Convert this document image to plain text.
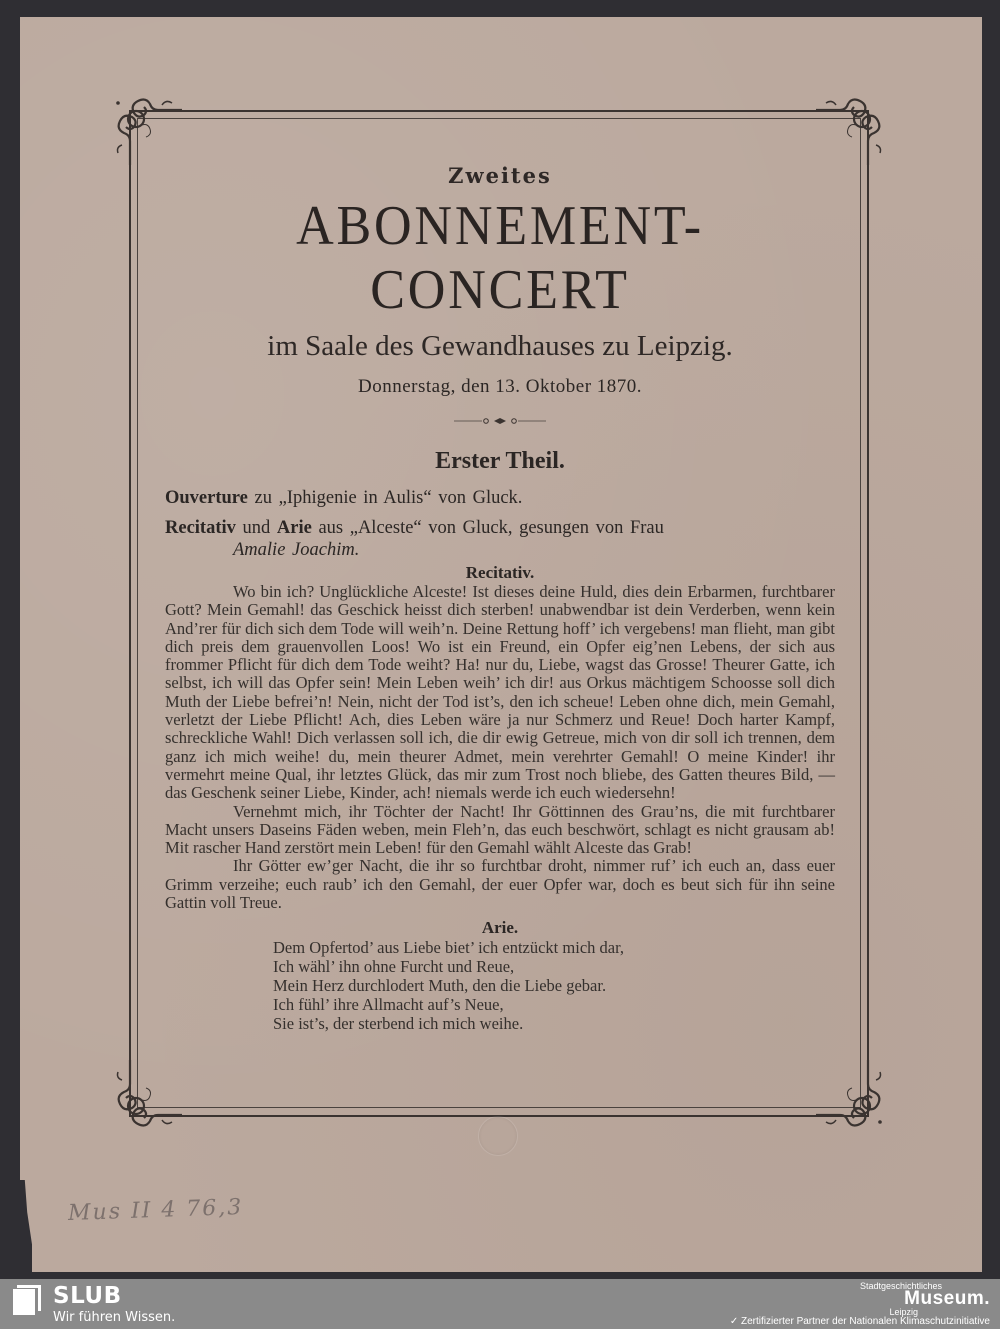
Zweites
ABONNEMENT-CONCERT
im Saale des Gewandhauses zu Leipzig.
Donnerstag, den 13. Oktober 1870.
Erster Theil.
Ouverture zu „Iphigenie in Aulis“ von Gluck.
Recitativ und Arie aus „Alceste“ von Gluck, gesungen von Frau
Amalie Joachim.
Recitativ.

Wo bin ich? Unglückliche Alceste! Ist dieses deine Huld, dies dein Erbarmen, furchtbarer Gott? Mein Gemahl! das Geschick heisst dich sterben! unabwendbar ist dein Verderben, wenn kein And’rer für dich sich dem Tode will weih’n. Deine Rettung hoff’ ich vergebens! man flieht, man gibt dich preis dem grauenvollen Loos! Wo ist ein Freund, ein Opfer eig’nen Lebens, der sich aus frommer Pflicht für dich dem Tode weiht? Ha! nur du, Liebe, wagst das Grosse! Theurer Gatte, ich selbst, ich will das Opfer sein! Mein Leben weih’ ich dir! aus Orkus mächtigem Schoosse soll dich Muth der Liebe befrei’n! Nein, nicht der Tod ist’s, den ich scheue! Leben ohne dich, mein Gemahl, verletzt der Liebe Pflicht! Ach, dies Leben wäre ja nur Schmerz und Reue! Doch harter Kampf, schreckliche Wahl! Dich verlassen soll ich, die dir ewig Getreue, mich von dir soll ich trennen, dem ganz ich mich weihe! du, mein theurer Admet, mein verehrter Gemahl! O meine Kinder! ihr vermehrt meine Qual, ihr letztes Glück, das mir zum Trost noch bliebe, des Gatten theures Bild, — das Geschenk seiner Liebe, Kinder, ach! niemals werde ich euch wiedersehn!

Vernehmt mich, ihr Töchter der Nacht! Ihr Göttinnen des Grau’ns, die mit furchtbarer Macht unsers Daseins Fäden weben, mein Fleh’n, das euch beschwört, schlagt es nicht grausam ab! Mit rascher Hand zerstört mein Leben! für den Gemahl wählt Alceste das Grab!

Ihr Götter ew’ger Nacht, die ihr so furchtbar droht, nimmer ruf’ ich euch an, dass euer Grimm verzeihe; euch raub’ ich den Gemahl, der euer Opfer war, doch es beut sich für ihn seine Gattin voll Treue.

Arie.
Dem Opfertod’ aus Liebe biet’ ich entzückt mich dar,
Ich wähl’ ihn ohne Furcht und Reue,
Mein Herz durchlodert Muth, den die Liebe gebar.
Ich fühl’ ihre Allmacht auf’s Neue,
Sie ist’s, der sterbend ich mich weihe.
Mus II 4 76,3
SLUB
Wir führen Wissen.
Stadtgeschichtliches
Museum.
Leipzig
✓ Zertifizierter Partner der Nationalen Klimaschutzinitiative
